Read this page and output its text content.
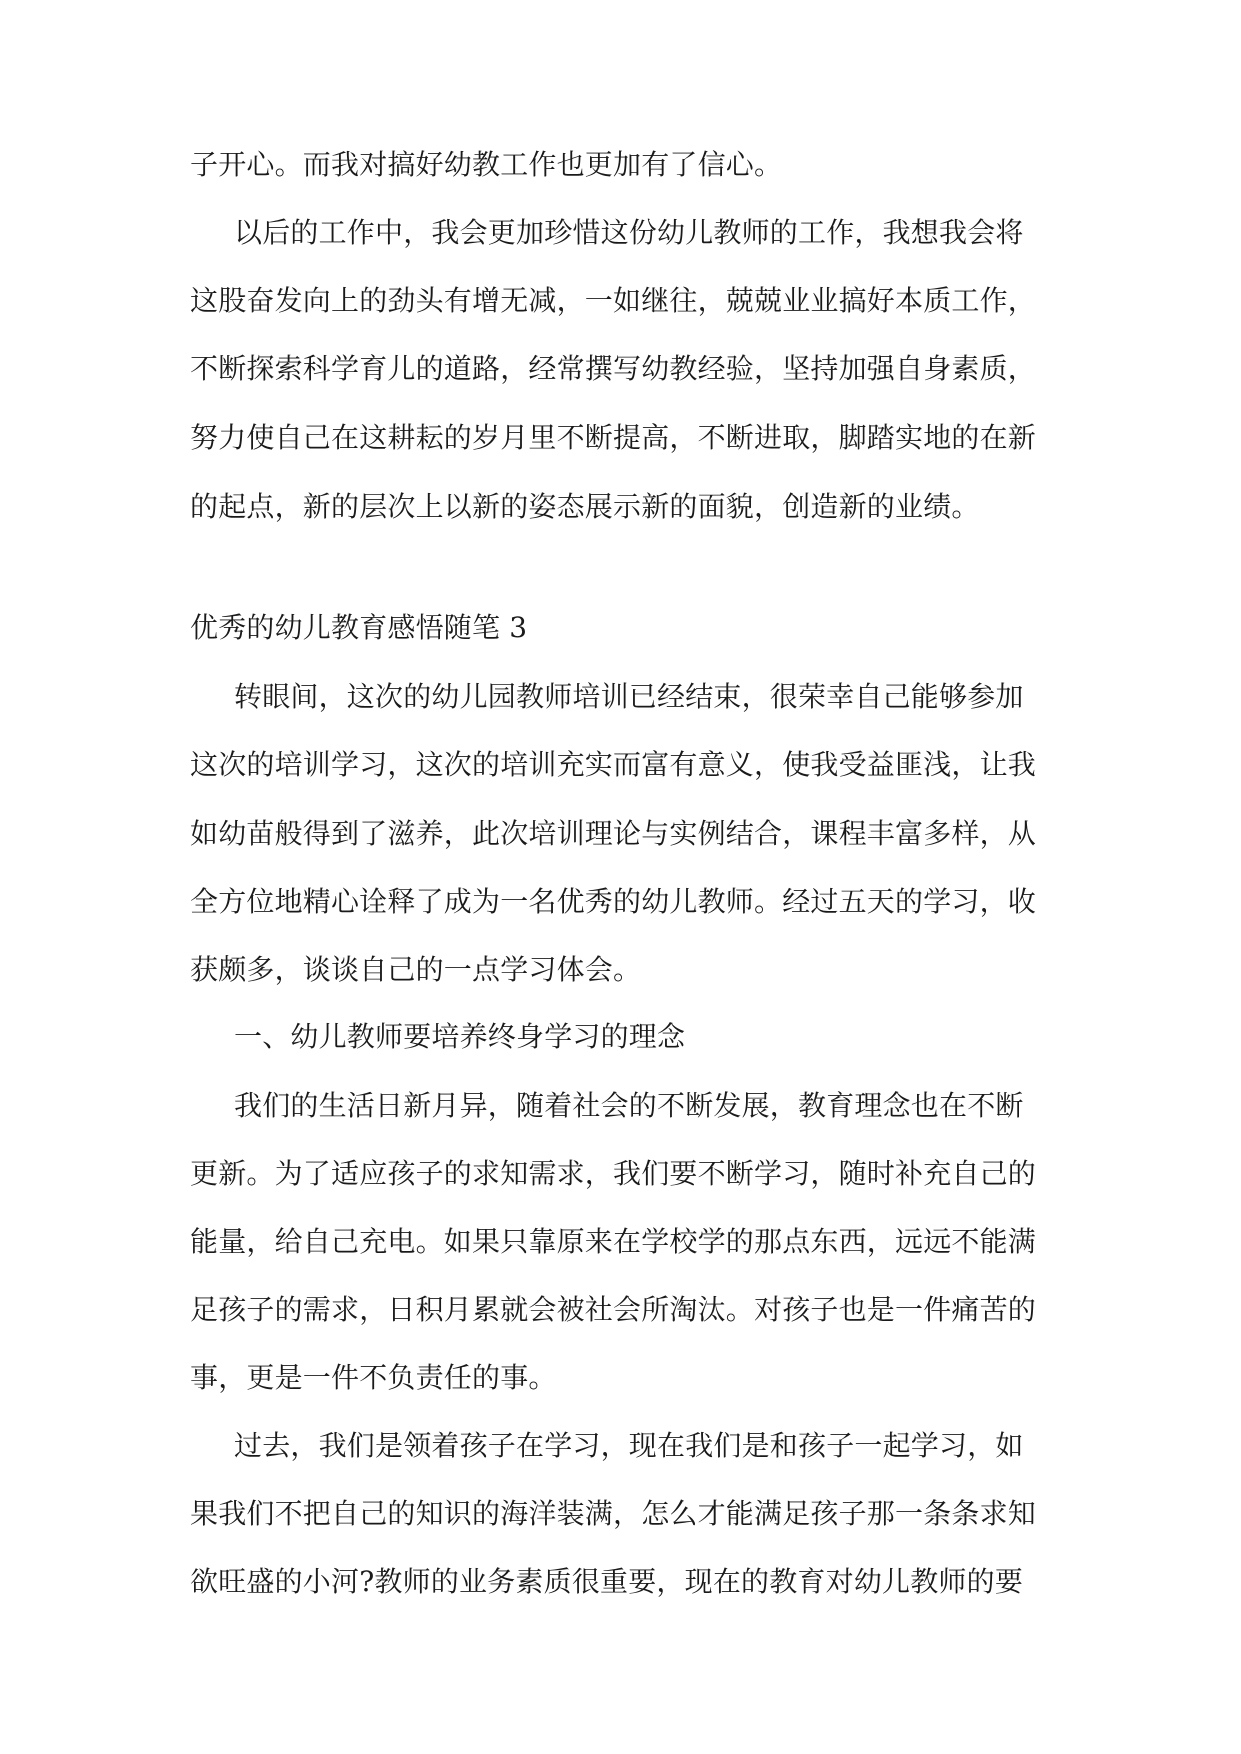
子开心。而我对搞好幼教工作也更加有了信心。
以后的工作中，我会更加珍惜这份幼儿教师的工作，我想我会将
这股奋发向上的劲头有增无减，一如继往，兢兢业业搞好本质工作，
不断探索科学育儿的道路，经常撰写幼教经验，坚持加强自身素质，
努力使自己在这耕耘的岁月里不断提高，不断进取，脚踏实地的在新
的起点，新的层次上以新的姿态展示新的面貌，创造新的业绩。
优秀的幼儿教育感悟随笔 3
转眼间，这次的幼儿园教师培训已经结束，很荣幸自己能够参加
这次的培训学习，这次的培训充实而富有意义，使我受益匪浅，让我
如幼苗般得到了滋养，此次培训理论与实例结合，课程丰富多样，从
全方位地精心诠释了成为一名优秀的幼儿教师。经过五天的学习，收
获颇多，谈谈自己的一点学习体会。
一、幼儿教师要培养终身学习的理念
我们的生活日新月异，随着社会的不断发展，教育理念也在不断
更新。为了适应孩子的求知需求，我们要不断学习，随时补充自己的
能量，给自己充电。如果只靠原来在学校学的那点东西，远远不能满
足孩子的需求，日积月累就会被社会所淘汰。对孩子也是一件痛苦的
事，更是一件不负责任的事。
过去，我们是领着孩子在学习，现在我们是和孩子一起学习，如
果我们不把自己的知识的海洋装满，怎么才能满足孩子那一条条求知
欲旺盛的小河?教师的业务素质很重要，现在的教育对幼儿教师的要
